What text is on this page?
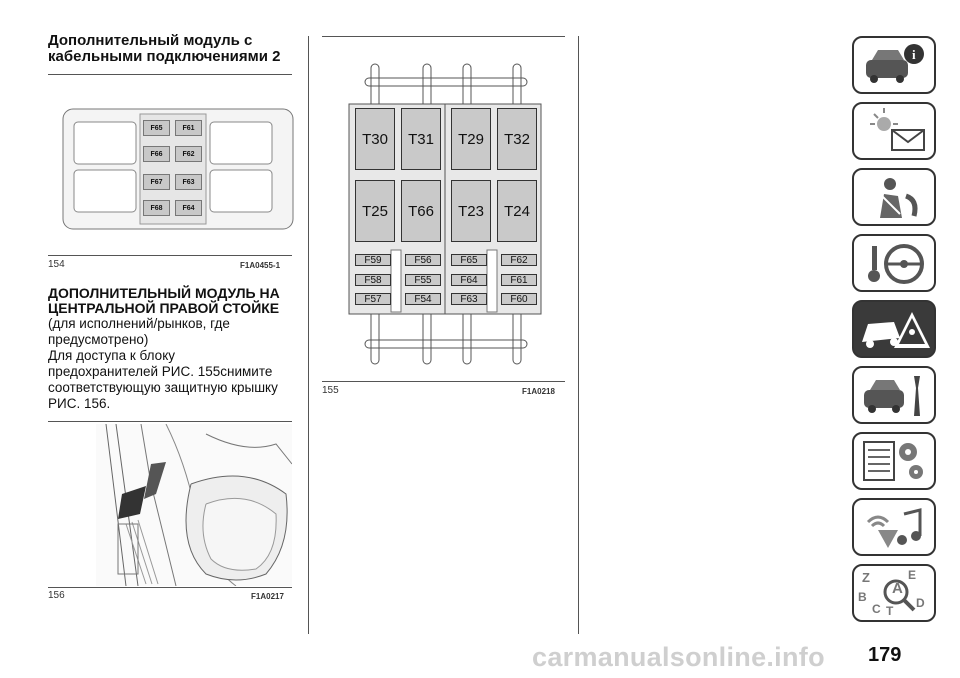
Дополнительный модуль с
кабельными подключениями 2
F65	F61
F66	F62
F67	F63
F68	F64
154	F1A0455-1
ДОПОЛНИТЕЛЬНЫЙ МОДУЛЬ НА
ЦЕНТРАЛЬНОЙ ПРАВОЙ СТОЙКЕ
(для исполнений/рынков, где
предусмотрено)
Для доступа к блоку
предохранителей РИС. 155снимите
соответствующую защитную крышку
РИС. 156.
156	F1A0217
T30	T31	T29	T32
T25	T66	T23	T24
F59	F56	F65	F62
F58	F55	F64	F61
F57	F54	F63	F60
155	F1A0218
i
Z	E
A
B
C	D
T
179
carmanualsonline.info
